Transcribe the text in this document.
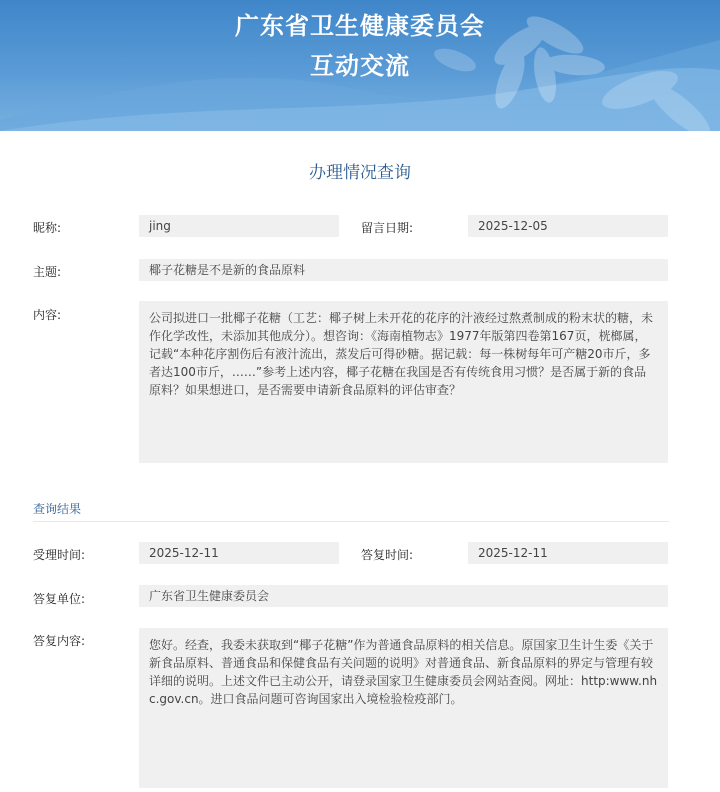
广东省卫生健康委员会
互动交流
办理情况查询
昵称:	jing	留言日期:	2025-12-05
主题:	椰子花糖是不是新的食品原料
内容:	公司拟进口一批椰子花糖（工艺：椰子树上未开花的花序的汁液经过熬煮制成的粉末状的糖，未作化学改性，未添加其他成分）。想咨询：《海南植物志》1977年版第四卷第167页，桄榔属，记载“本种花序割伤后有液汁流出，蒸发后可得砂糖。据记载：每一株树每年可产糖20市斤，多者达100市斤，……”参考上述内容，椰子花糖在我国是否有传统食用习惯？是否属于新的食品原料？如果想进口，是否需要申请新食品原料的评估审查？
查询结果
受理时间:	2025-12-11	答复时间:	2025-12-11
答复单位:	广东省卫生健康委员会
答复内容:	您好。经查，我委未获取到“椰子花糖”作为普通食品原料的相关信息。原国家卫生计生委《关于新食品原料、普通食品和保健食品有关问题的说明》对普通食品、新食品原料的界定与管理有较详细的说明。上述文件已主动公开，请登录国家卫生健康委员会网站查阅。网址：http:www.nhc.gov.cn。进口食品问题可咨询国家出入境检验检疫部门。
